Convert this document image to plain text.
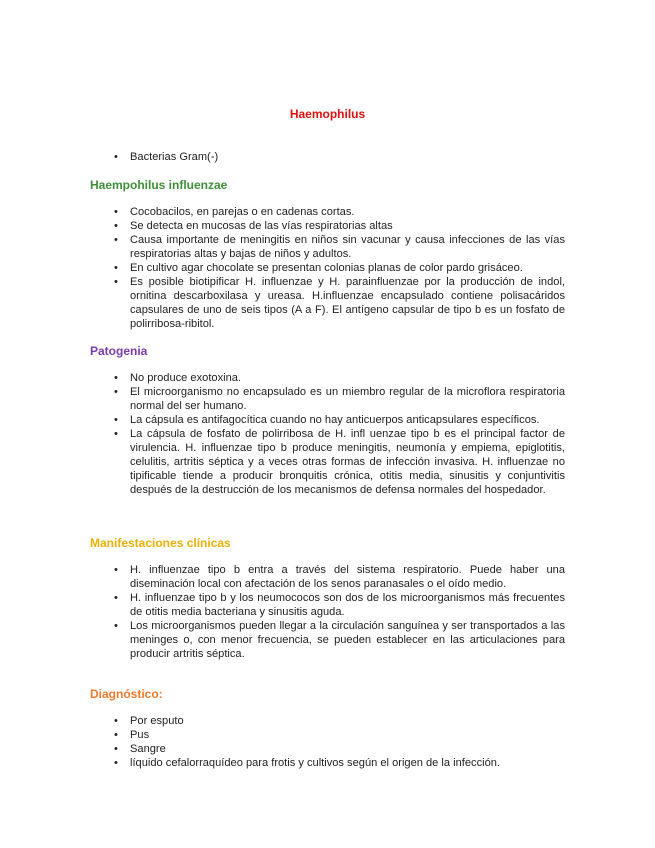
Haemophilus
• Bacterias Gram(-)
Haempohilus influenzae
• Cocobacilos, en parejas o en cadenas cortas.
• Se detecta en mucosas de las vías respiratorias altas
• Causa importante de meningitis en niños sin vacunar y causa infecciones de las vías respiratorias altas y bajas de niños y adultos.
• En cultivo agar chocolate se presentan colonias planas de color pardo grisáceo.
• Es posible biotipificar H. influenzae y H. parainfluenzae por la producción de indol, ornitina descarboxilasa y ureasa. H.influenzae encapsulado contiene polisacáridos capsulares de uno de seis tipos (A a F). El antígeno capsular de tipo b es un fosfato de polirribosa-ribitol.
Patogenia
• No produce exotoxina.
• El microorganismo no encapsulado es un miembro regular de la microflora respiratoria normal del ser humano.
• La cápsula es antifagocítica cuando no hay anticuerpos anticapsulares específicos.
• La cápsula de fosfato de polirribosa de H. infl uenzae tipo b es el principal factor de virulencia. H. influenzae tipo b produce meningitis, neumonía y empiema, epiglotitis, celulitis, artritis séptica y a veces otras formas de infección invasiva. H. influenzae no tipificable tiende a producir bronquitis crónica, otitis media, sinusitis y conjuntivitis después de la destrucción de los mecanismos de defensa normales del hospedador.
Manifestaciones clínicas
• H. influenzae tipo b entra a través del sistema respiratorio. Puede haber una diseminación local con afectación de los senos paranasales o el oído medio.
• H. influenzae tipo b y los neumococos son dos de los microorganismos más frecuentes de otitis media bacteriana y sinusitis aguda.
• Los microorganismos pueden llegar a la circulación sanguínea y ser transportados a las meninges o, con menor frecuencia, se pueden establecer en las articulaciones para producir artritis séptica.
Diagnóstico:
• Por esputo
• Pus
• Sangre
• líquido cefalorraquídeo para frotis y cultivos según el origen de la infección.
